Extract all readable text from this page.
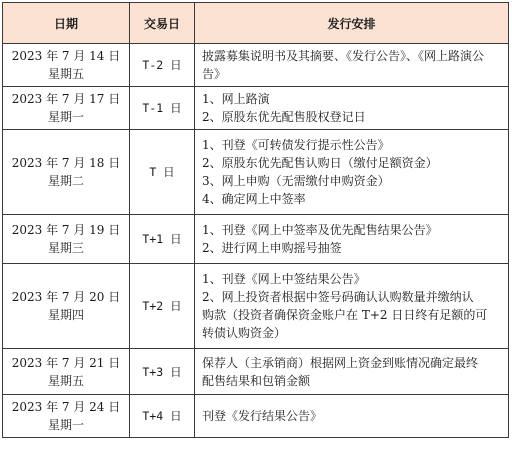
日期	交易日	发行安排

2023 年 7 月 14 日
星期五	T-2 日	披露募集说明书及其摘要、《发行公告》、《网上路演公
告》

2023 年 7 月 17 日
星期一	T-1 日	1、网上路演
2、原股东优先配售股权登记日

2023 年 7 月 18 日
星期二	T 日	1、刊登《可转债发行提示性公告》
2、原股东优先配售认购日（缴付足额资金）
3、网上申购（无需缴付申购资金）
4、确定网上中签率

2023 年 7 月 19 日
星期三	T+1 日	1、刊登《网上中签率及优先配售结果公告》
2、进行网上申购摇号抽签

2023 年 7 月 20 日
星期四	T+2 日	1、刊登《网上中签结果公告》
2、网上投资者根据中签号码确认认购数量并缴纳认
购款（投资者确保资金账户在 T+2 日日终有足额的可
转债认购资金）

2023 年 7 月 21 日
星期五	T+3 日	保荐人（主承销商）根据网上资金到账情况确定最终
配售结果和包销金额

2023 年 7 月 24 日
星期一	T+4 日	刊登《发行结果公告》
